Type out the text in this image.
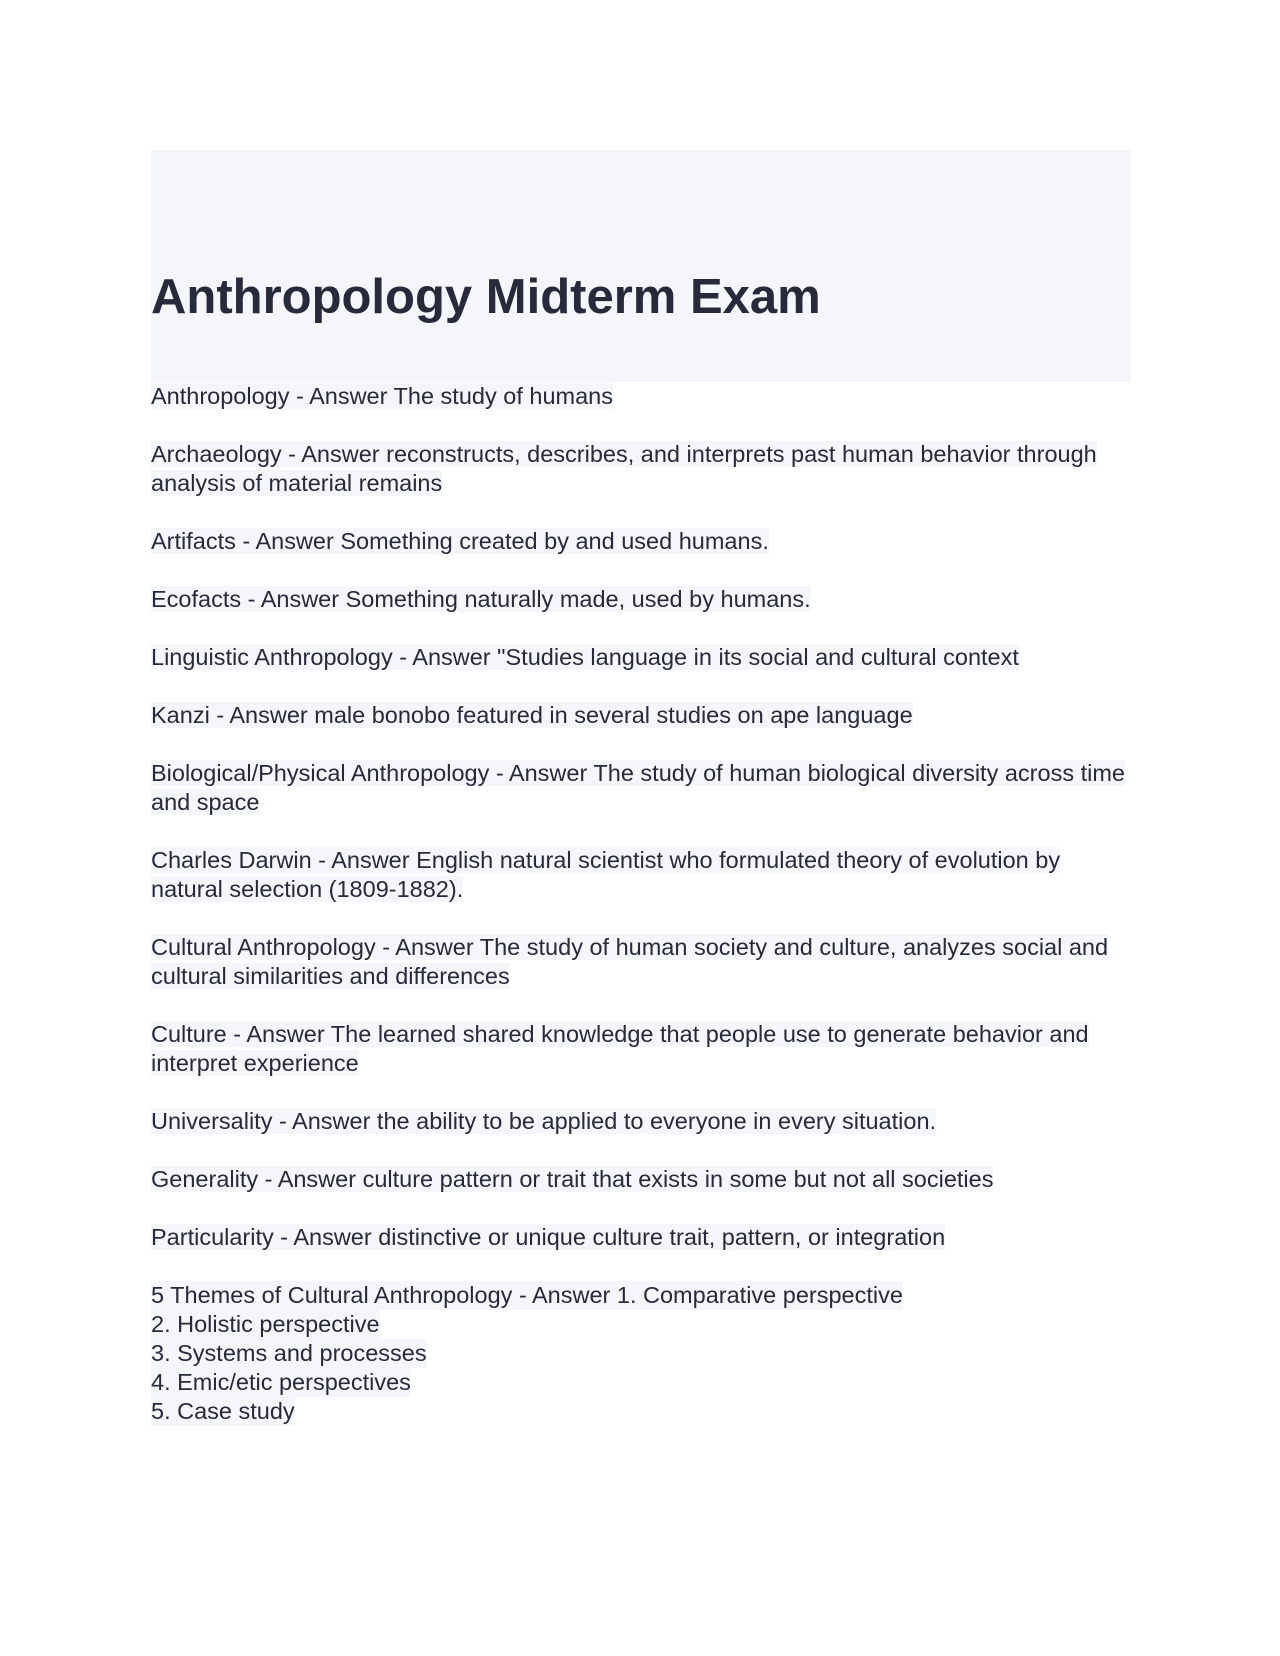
Anthropology Midterm Exam

Anthropology - Answer The study of humans

Archaeology - Answer reconstructs, describes, and interprets past human behavior through analysis of material remains

Artifacts - Answer Something created by and used humans.

Ecofacts - Answer Something naturally made, used by humans.

Linguistic Anthropology - Answer "Studies language in its social and cultural context

Kanzi - Answer male bonobo featured in several studies on ape language

Biological/Physical Anthropology - Answer The study of human biological diversity across time and space

Charles Darwin - Answer English natural scientist who formulated theory of evolution by natural selection (1809-1882).

Cultural Anthropology - Answer The study of human society and culture, analyzes social and cultural similarities and differences

Culture - Answer The learned shared knowledge that people use to generate behavior and interpret experience

Universality - Answer the ability to be applied to everyone in every situation.

Generality - Answer culture pattern or trait that exists in some but not all societies

Particularity - Answer distinctive or unique culture trait, pattern, or integration

5 Themes of Cultural Anthropology - Answer 1. Comparative perspective
2. Holistic perspective
3. Systems and processes
4. Emic/etic perspectives
5. Case study
